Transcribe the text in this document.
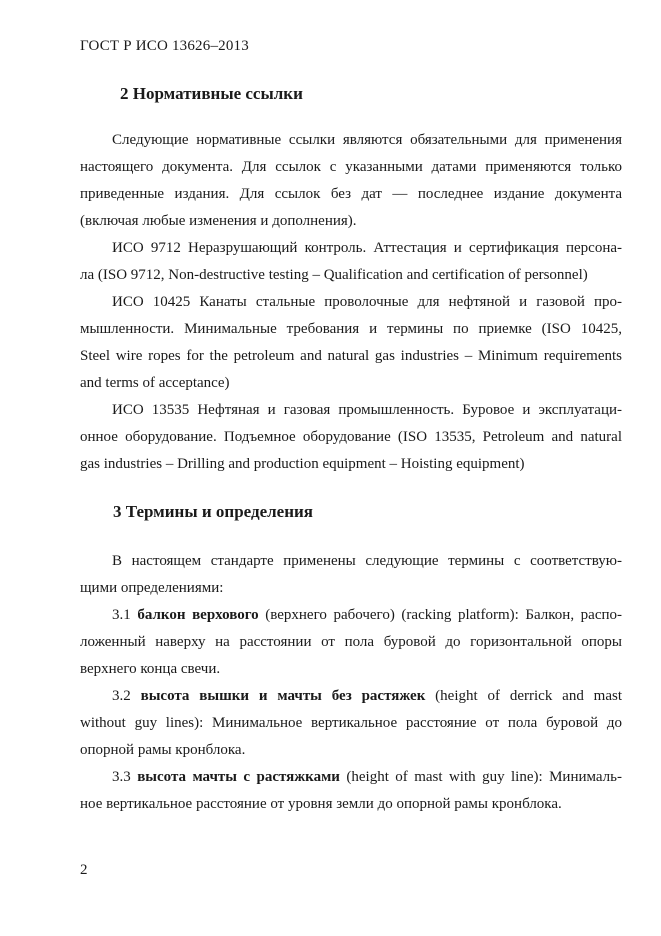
ГОСТ Р ИСО 13626–2013
2 Нормативные ссылки
Следующие нормативные ссылки являются обязательными для применения
настоящего документа. Для ссылок с указанными датами применяются только
приведенные издания. Для ссылок без дат — последнее издание документа
(включая любые изменения и дополнения).
ИСО 9712 Неразрушающий контроль. Аттестация и сертификация персона-
ла (ISO 9712, Non-destructive testing – Qualification and certification of personnel)
ИСО 10425 Канаты стальные проволочные для нефтяной и газовой про-
мышленности. Минимальные требования и термины по приемке (ISO 10425,
Steel wire ropes for the petroleum and natural gas industries – Minimum requirements
and terms of acceptance)
ИСО 13535 Нефтяная и газовая промышленность. Буровое и эксплуатаци-
онное оборудование. Подъемное оборудование (ISO 13535, Petroleum and natural
gas industries – Drilling and production equipment – Hoisting equipment)
3 Термины и определения
В настоящем стандарте применены следующие термины с соответствую-
щими определениями:
3.1 балкон верхового (верхнего рабочего) (racking platform): Балкон, распо-
ложенный наверху на расстоянии от пола буровой до горизонтальной опоры
верхнего конца свечи.
3.2 высота вышки и мачты без растяжек (height of derrick and mast
without guy lines): Минимальное вертикальное расстояние от пола буровой до
опорной рамы кронблока.
3.3 высота мачты с растяжками (height of mast with guy line): Минималь-
ное вертикальное расстояние от уровня земли до опорной рамы кронблока.
2
